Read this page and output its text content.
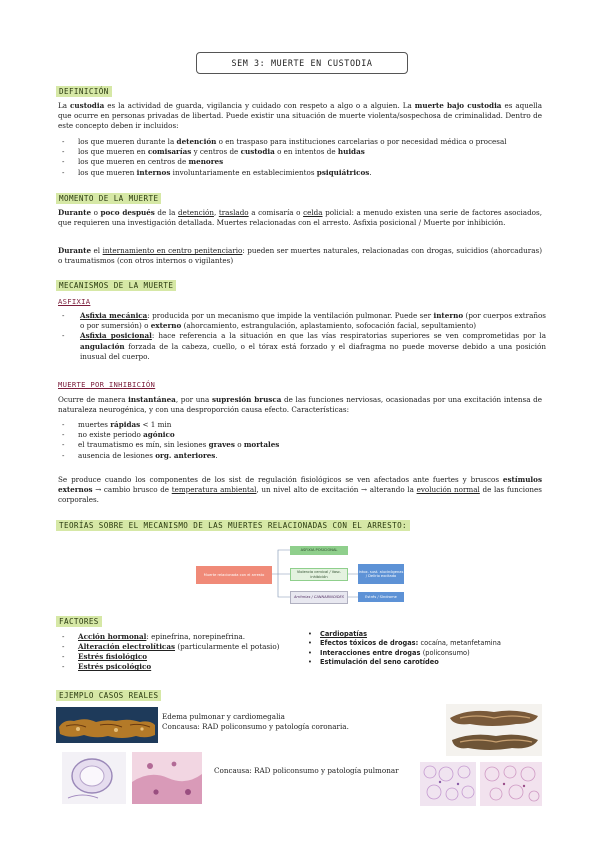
SEM 3: MUERTE EN CUSTODIA
DEFINICIÓN
La custodia es la actividad de guarda, vigilancia y cuidado con respeto a algo o a alguien. La muerte bajo custodia es aquella que ocurre en personas privadas de libertad. Puede existir una situación de muerte violenta/sospechosa de criminalidad. Dentro de este concepto deben ir incluidos:
- los que mueren durante la detención o en traspaso para instituciones carcelarias o por necesidad médica o procesal
- los que mueren en comisarías y centros de custodia o en intentos de huidas
- los que mueren en centros de menores
- los que mueren internos involuntariamente en establecimientos psiquiátricos.
MOMENTO DE LA MUERTE
Durante o poco después de la detención, traslado a comisaría o celda policial: a menudo existen una serie de factores asociados, que requieren una investigación detallada. Muertes relacionadas con el arresto. Asfixia posicional / Muerte por inhibición.
Durante el internamiento en centro penitenciario: pueden ser muertes naturales, relacionadas con drogas, suicidios (ahorcaduras) o traumatismos (con otros internos o vigilantes)
MECANISMOS DE LA MUERTE
ASFIXIA
- Asfixia mecánica: producida por un mecanismo que impide la ventilación pulmonar. Puede ser interno (por cuerpos extraños o por sumersión) o externo (ahorcamiento, estrangulación, aplastamiento, sofocación facial, sepultamiento)
- Asfixia posicional: hace referencia a la situación en que las vías respiratorias superiores se ven comprometidas por la angulación forzada de la cabeza, cuello, o el tórax está forzado y el diafragma no puede moverse debido a una posición inusual del cuerpo.
MUERTE POR INHIBICIÓN
Ocurre de manera instantánea, por una supresión brusca de las funciones nerviosas, ocasionadas por una excitación intensa de naturaleza neurogénica, y con una desproporción causa efecto. Características:
- muertes rápidas < 1 min
- no existe periodo agónico
- el traumatismo es mín, sin lesiones graves o mortales
- ausencia de lesiones org. anteriores.
Se produce cuando los componentes de los sist de regulación fisiológicos se ven afectados ante fuertes y bruscos estímulos externos → cambio brusco de temperatura ambiental, un nivel alto de excitación → alterando la evolución normal de las funciones corporales.
TEORÍAS SOBRE EL MECANISMO DE LAS MUERTES RELACIONADAS CON EL ARRESTO:
Muerte relacionada con el arresto
ASFIXIA POSICIONAL
Violencia cervical / Vasc. inhibición
Arritmias / CANNABINOIDES
Intox. sust. alucinógenas / Delirio excitado
Estrés / Síndrome
FACTORES
- Acción hormonal: epinefrina, norepinefrina.
- Alteración electrolíticas (particularmente el potasio)
- Estrés fisiológico
- Estrés psicológico
• Cardiopatías
• Efectos tóxicos de drogas: cocaína, metanfetamina
• Interacciones entre drogas (policonsumo)
• Estimulación del seno carotídeo
EJEMPLO CASOS REALES
Edema pulmonar y cardiomegalia
Concausa: RAD policonsumo y patología coronaria.
Concausa: RAD policonsumo y patología pulmonar
